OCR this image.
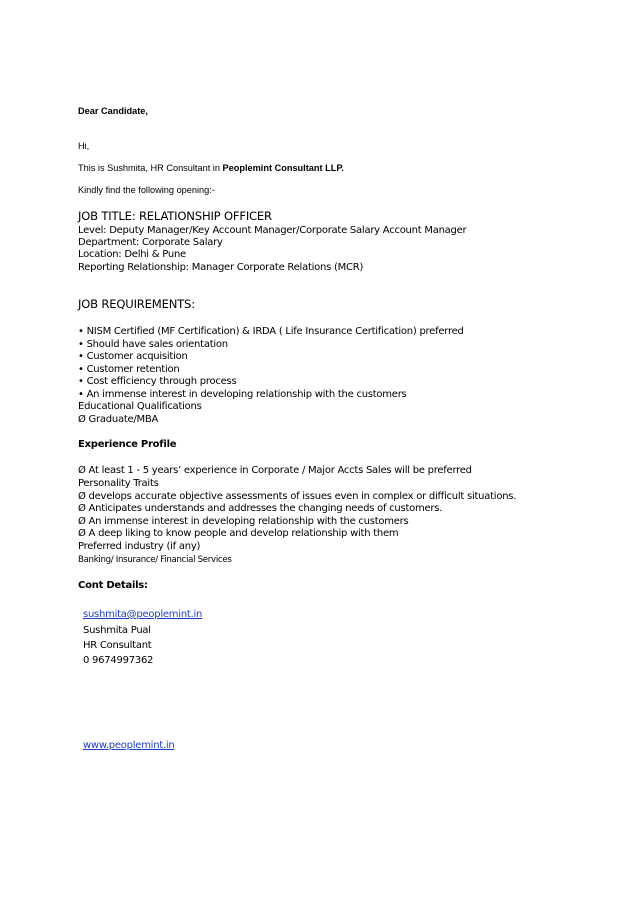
Dear Candidate,
Hi,
This is Sushmita, HR Consultant in Peoplemint Consultant LLP.
Kindly find the following opening:-
JOB TITLE: RELATIONSHIP OFFICER
Level: Deputy Manager/Key Account Manager/Corporate Salary Account Manager
Department: Corporate Salary
Location: Delhi & Pune
Reporting Relationship: Manager Corporate Relations (MCR)
JOB REQUIREMENTS:
• NISM Certified (MF Certification) & IRDA ( Life Insurance Certification) preferred
• Should have sales orientation
• Customer acquisition
• Customer retention
• Cost efficiency through process
• An immense interest in developing relationship with the customers
Educational Qualifications
Ø Graduate/MBA
Experience Profile
Ø At least 1 - 5 years’ experience in Corporate / Major Accts Sales will be preferred
Personality Traits
Ø develops accurate objective assessments of issues even in complex or difficult situations.
Ø Anticipates understands and addresses the changing needs of customers.
Ø An immense interest in developing relationship with the customers
Ø A deep liking to know people and develop relationship with them
Preferred industry (if any)
Banking/ Insurance/ Financial Services
Cont Details:
sushmita@peoplemint.in
Sushmita Pual
HR Consultant
0 9674997362
www.peoplemint.in
